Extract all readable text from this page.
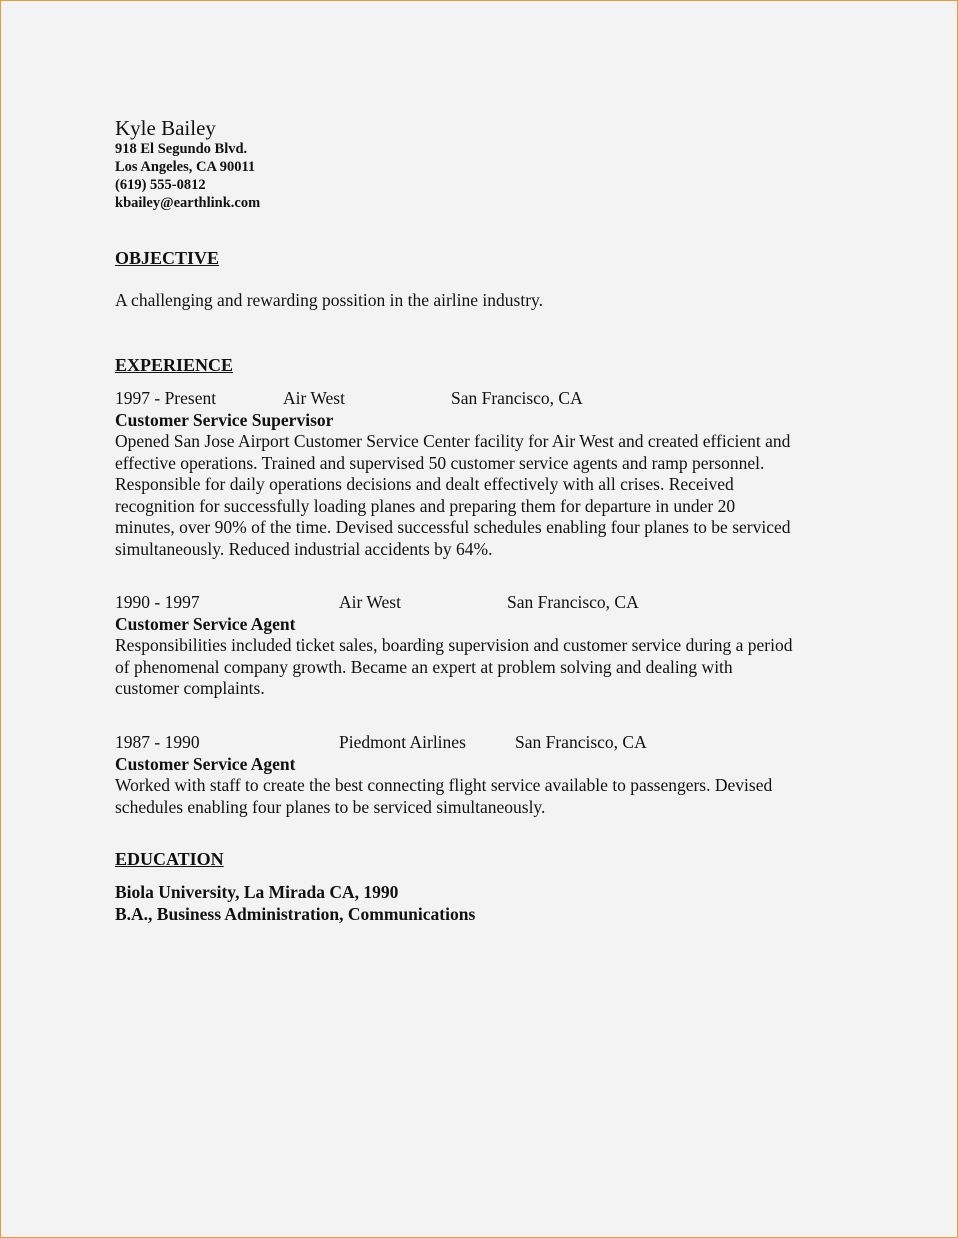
Kyle Bailey

918 El Segundo Blvd.

Los Angeles, CA 90011

(619) 555-0812

kbailey@earthlink.com

OBJECTIVE

A challenging and rewarding possition in the airline industry.

EXPERIENCE

1997 - Present	Air West	San Francisco, CA

Customer Service Supervisor

Opened San Jose Airport Customer Service Center facility for Air West and created efficient and

effective operations. Trained and supervised 50 customer service agents and ramp personnel.

Responsible for daily operations decisions and dealt effectively with all crises. Received

recognition for successfully loading planes and preparing them for departure in under 20

minutes, over 90% of the time. Devised successful schedules enabling four planes to be serviced

simultaneously. Reduced industrial accidents by 64%.

1990 - 1997	Air West	San Francisco, CA

Customer Service Agent

Responsibilities included ticket sales, boarding supervision and customer service during a period

of phenomenal company growth. Became an expert at problem solving and dealing with

customer complaints.

1987 - 1990	Piedmont Airlines	San Francisco, CA

Customer Service Agent

Worked with staff to create the best connecting flight service available to passengers. Devised

schedules enabling four planes to be serviced simultaneously.

EDUCATION

Biola University, La Mirada CA, 1990

B.A., Business Administration, Communications
